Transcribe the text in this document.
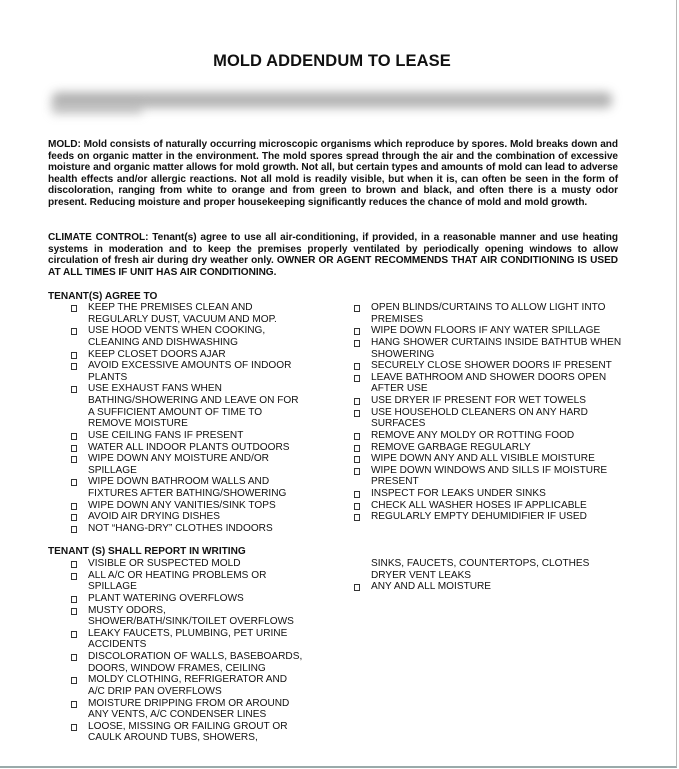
MOLD ADDENDUM TO LEASE
MOLD: Mold consists of naturally occurring microscopic organisms which reproduce by spores. Mold breaks down and feeds on organic matter in the environment. The mold spores spread through the air and the combination of excessive moisture and organic matter allows for mold growth. Not all, but certain types and amounts of mold can lead to adverse health effects and/or allergic reactions. Not all mold is readily visible, but when it is, can often be seen in the form of discoloration, ranging from white to orange and from green to brown and black, and often there is a musty odor present. Reducing moisture and proper housekeeping significantly reduces the chance of mold and mold growth.
CLIMATE CONTROL: Tenant(s) agree to use all air-conditioning, if provided, in a reasonable manner and use heating systems in moderation and to keep the premises properly ventilated by periodically opening windows to allow circulation of fresh air during dry weather only. OWNER OR AGENT RECOMMENDS THAT AIR CONDITIONING IS USED AT ALL TIMES IF UNIT HAS AIR CONDITIONING.
TENANT(S) AGREE TO
KEEP THE PREMISES CLEAN AND REGULARLY DUST, VACUUM AND MOP.
USE HOOD VENTS WHEN COOKING, CLEANING AND DISHWASHING
KEEP CLOSET DOORS AJAR
AVOID EXCESSIVE AMOUNTS OF INDOOR PLANTS
USE EXHAUST FANS WHEN BATHING/SHOWERING AND LEAVE ON FOR A SUFFICIENT AMOUNT OF TIME TO REMOVE MOISTURE
USE CEILING FANS IF PRESENT
WATER ALL INDOOR PLANTS OUTDOORS
WIPE DOWN ANY MOISTURE AND/OR SPILLAGE
WIPE DOWN BATHROOM WALLS AND FIXTURES AFTER BATHING/SHOWERING
WIPE DOWN ANY VANITIES/SINK TOPS
AVOID AIR DRYING DISHES
NOT “HANG-DRY” CLOTHES INDOORS
OPEN BLINDS/CURTAINS TO ALLOW LIGHT INTO PREMISES
WIPE DOWN FLOORS IF ANY WATER SPILLAGE
HANG SHOWER CURTAINS INSIDE BATHTUB WHEN SHOWERING
SECURELY CLOSE SHOWER DOORS IF PRESENT
LEAVE BATHROOM AND SHOWER DOORS OPEN AFTER USE
USE DRYER IF PRESENT FOR WET TOWELS
USE HOUSEHOLD CLEANERS ON ANY HARD SURFACES
REMOVE ANY MOLDY OR ROTTING FOOD
REMOVE GARBAGE REGULARLY
WIPE DOWN ANY AND ALL VISIBLE MOISTURE
WIPE DOWN WINDOWS AND SILLS IF MOISTURE PRESENT
INSPECT FOR LEAKS UNDER SINKS
CHECK ALL WASHER HOSES IF APPLICABLE
REGULARLY EMPTY DEHUMIDIFIER IF USED
TENANT (S) SHALL REPORT IN WRITING
VISIBLE OR SUSPECTED MOLD
ALL A/C OR HEATING PROBLEMS OR SPILLAGE
PLANT WATERING OVERFLOWS
MUSTY ODORS, SHOWER/BATH/SINK/TOILET OVERFLOWS
LEAKY FAUCETS, PLUMBING, PET URINE ACCIDENTS
DISCOLORATION OF WALLS, BASEBOARDS, DOORS, WINDOW FRAMES, CEILING
MOLDY CLOTHING, REFRIGERATOR AND A/C DRIP PAN OVERFLOWS
MOISTURE DRIPPING FROM OR AROUND ANY VENTS, A/C CONDENSER LINES
LOOSE, MISSING OR FAILING GROUT OR CAULK AROUND TUBS, SHOWERS,
SINKS, FAUCETS, COUNTERTOPS, CLOTHES DRYER VENT LEAKS
ANY AND ALL MOISTURE
